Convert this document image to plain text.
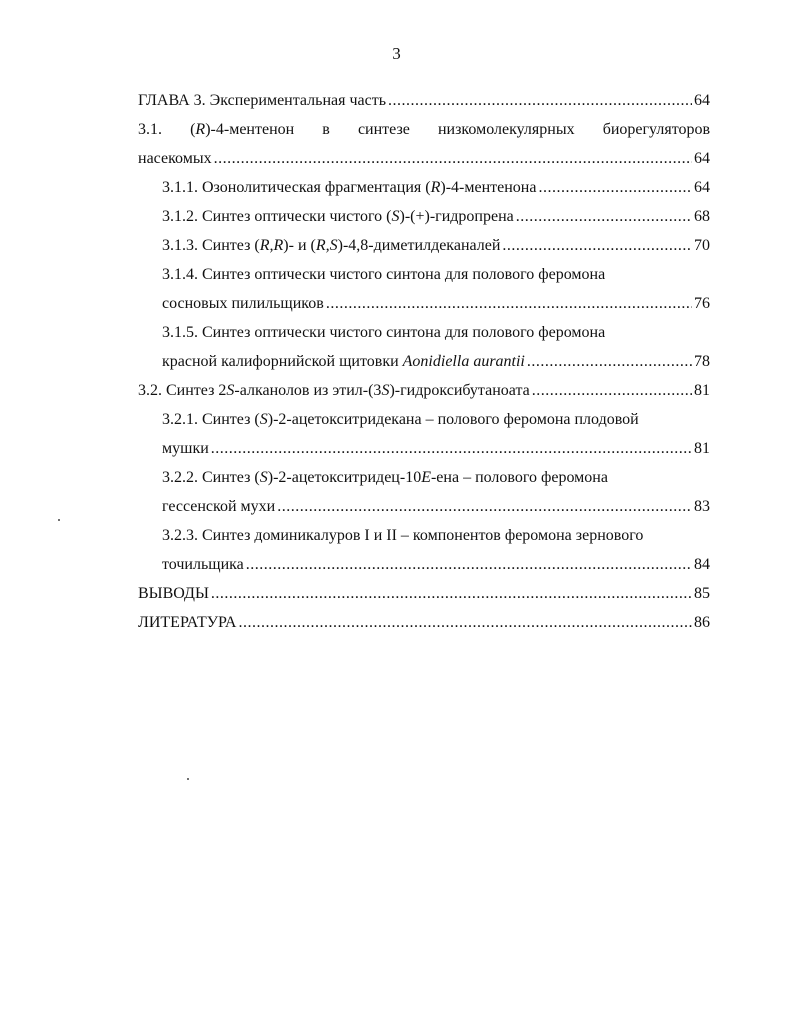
3
ГЛАВА 3. Экспериментальная часть .....	64
3.1. (R)-4-ментенон в синтезе низкомолекулярных биорегуляторов
насекомых .....	64
3.1.1. Озонолитическая фрагментация (R)-4-ментенона .....	64
3.1.2. Синтез оптически чистого (S)-(+)-гидропрена .....	68
3.1.3. Синтез (R,R)- и (R,S)-4,8-диметилдеканалей .....	70
3.1.4. Синтез оптически чистого синтона для полового феромона
сосновых пилильщиков .....	76
3.1.5. Синтез оптически чистого синтона для полового феромона
красной калифорнийской щитовки Aonidiella aurantii .....	78
3.2. Синтез 2S-алканолов из этил-(3S)-гидроксибутаноата .....	81
3.2.1. Синтез (S)-2-ацетокситридекана – полового феромона плодовой
мушки .....	81
3.2.2. Синтез (S)-2-ацетокситридец-10E-ена – полового феромона
гессенской мухи .....	83
3.2.3. Синтез доминикалуров I и II – компонентов феромона зернового
точильщика .....	84
ВЫВОДЫ .....	85
ЛИТЕРАТУРА .....	86
